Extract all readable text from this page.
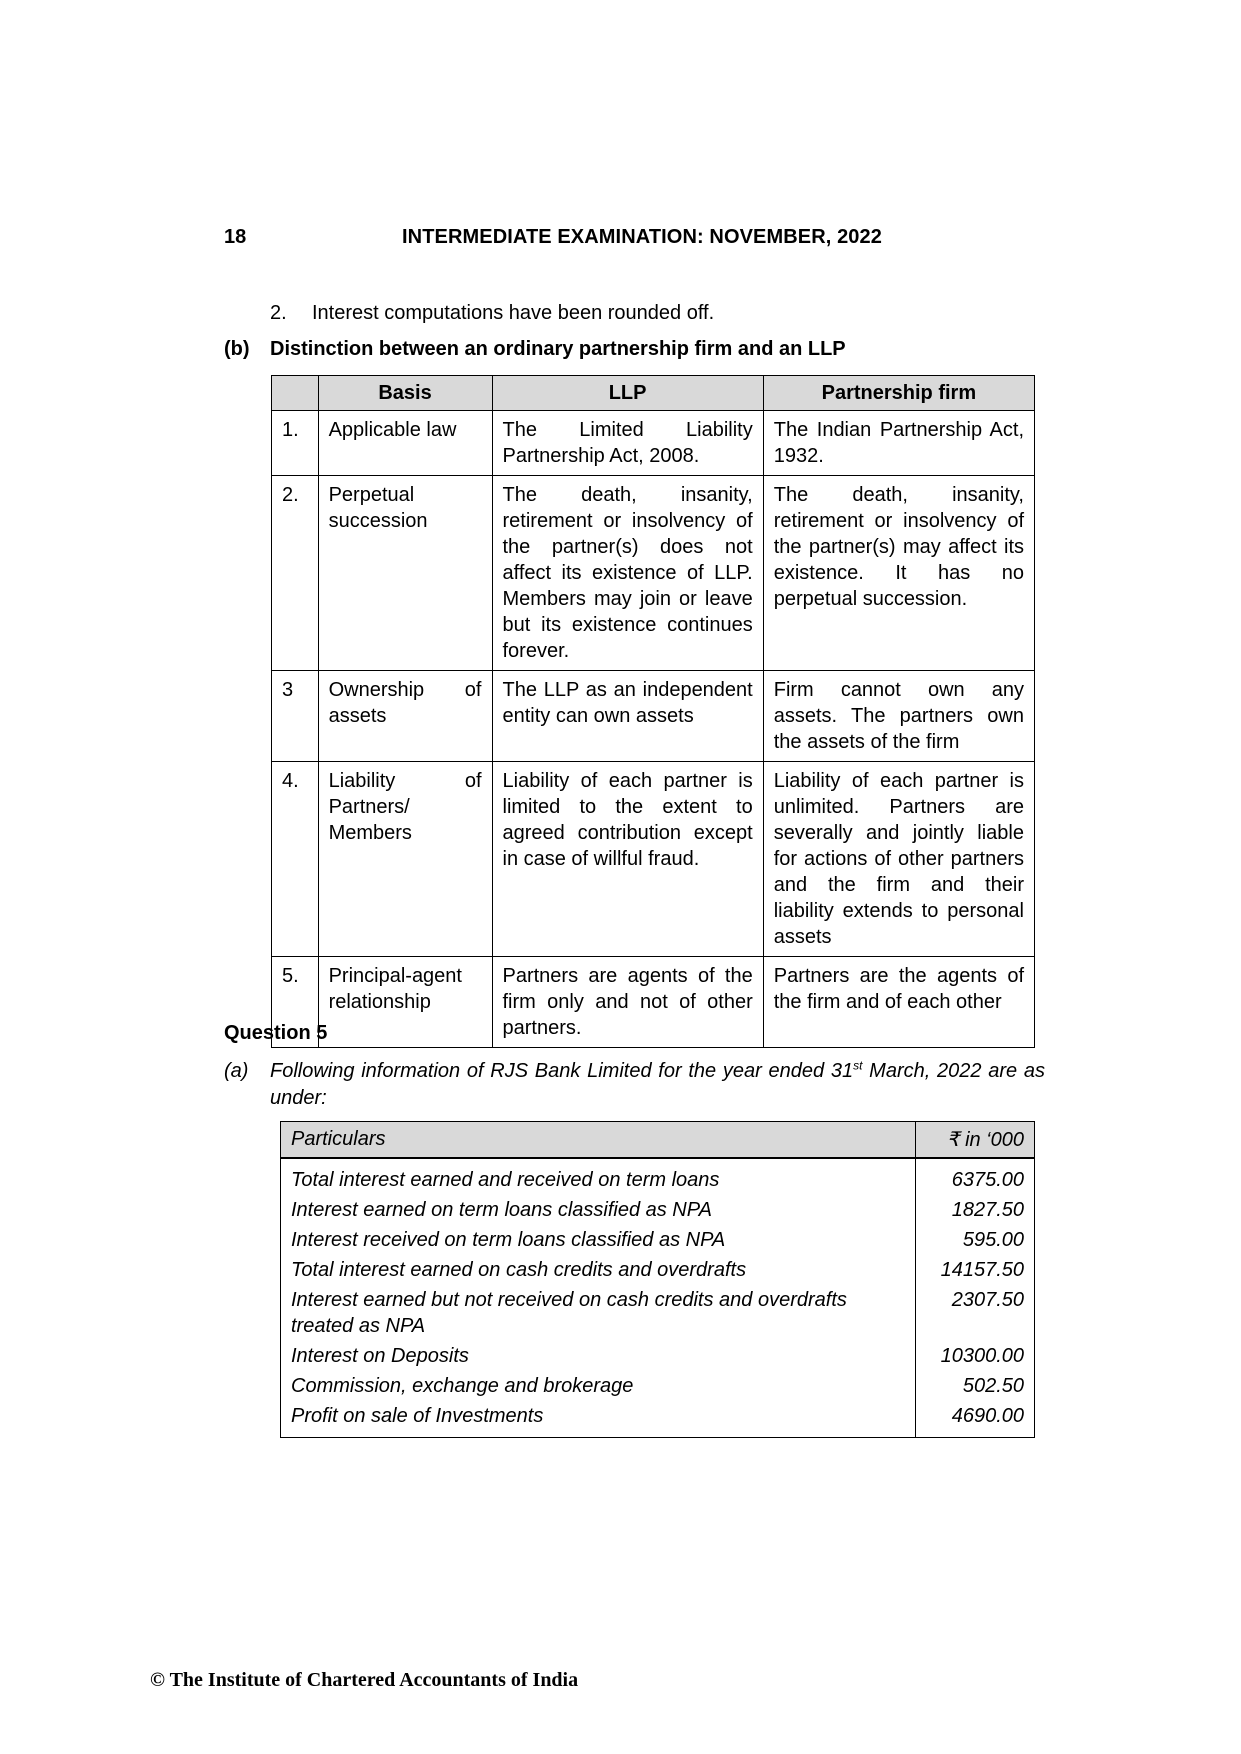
18	INTERMEDIATE EXAMINATION: NOVEMBER, 2022
2. Interest computations have been rounded off.
(b) Distinction between an ordinary partnership firm and an LLP
	Basis	LLP	Partnership firm
1.	Applicable law	The Limited Liability Partnership Act, 2008.	The Indian Partnership Act, 1932.
2.	Perpetual succession	The death, insanity, retirement or insolvency of the partner(s) does not affect its existence of LLP. Members may join or leave but its existence continues forever.	The death, insanity, retirement or insolvency of the partner(s) may affect its existence. It has no perpetual succession.
3	Ownership of assets	The LLP as an independent entity can own assets	Firm cannot own any assets. The partners own the assets of the firm
4.	Liability of Partners/ Members	Liability of each partner is limited to the extent to agreed contribution except in case of willful fraud.	Liability of each partner is unlimited. Partners are severally and jointly liable for actions of other partners and the firm and their liability extends to personal assets
5.	Principal-agent relationship	Partners are agents of the firm only and not of other partners.	Partners are the agents of the firm and of each other
Question 5
(a) Following information of RJS Bank Limited for the year ended 31st March, 2022 are as under:
Particulars	₹ in ‘000
Total interest earned and received on term loans	6375.00
Interest earned on term loans classified as NPA	1827.50
Interest received on term loans classified as NPA	595.00
Total interest earned on cash credits and overdrafts	14157.50
Interest earned but not received on cash credits and overdrafts treated as NPA	2307.50
Interest on Deposits	10300.00
Commission, exchange and brokerage	502.50
Profit on sale of Investments	4690.00
© The Institute of Chartered Accountants of India
